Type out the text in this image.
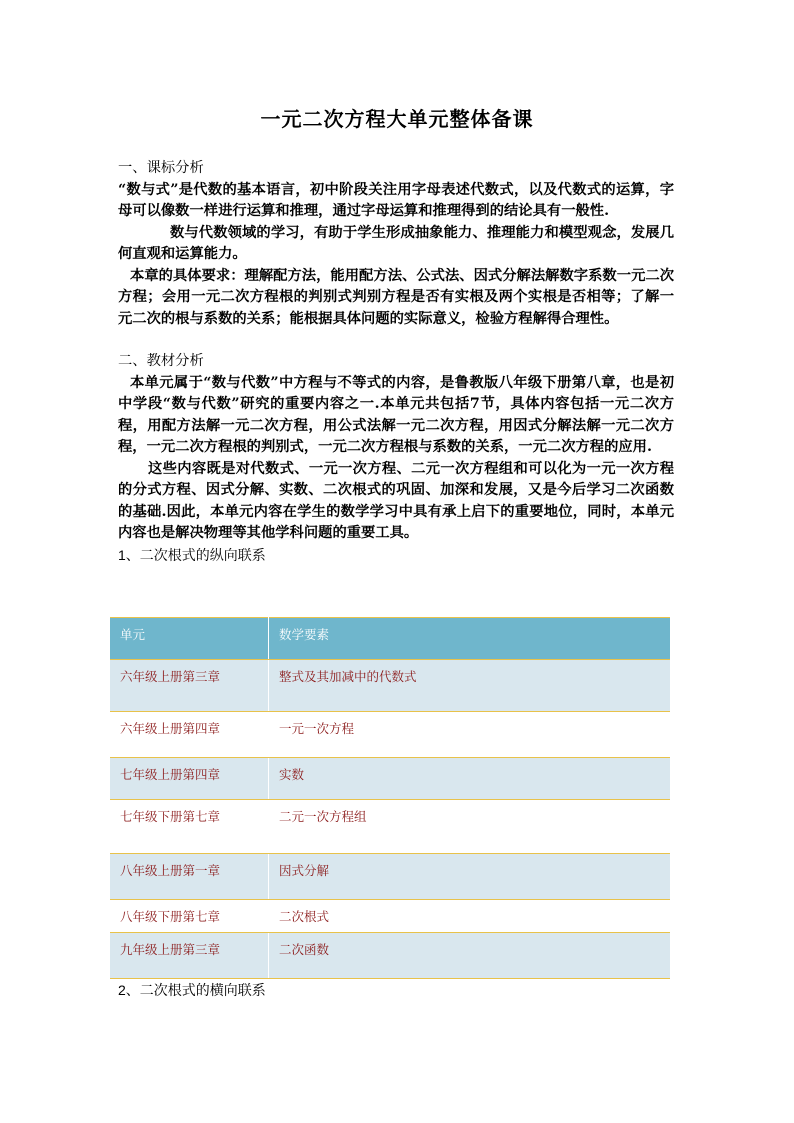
一元二次方程大单元整体备课

一、课标分析

“数与式”是代数的基本语言，初中阶段关注用字母表述代数式，以及代数式的运算，字母可以像数一样进行运算和推理，通过字母运算和推理得到的结论具有一般性.

数与代数领域的学习，有助于学生形成抽象能力、推理能力和模型观念，发展几何直观和运算能力。

本章的具体要求：理解配方法，能用配方法、公式法、因式分解法解数字系数一元二次方程；会用一元二次方程根的判别式判别方程是否有实根及两个实根是否相等；了解一元二次的根与系数的关系；能根据具体问题的实际意义，检验方程解得合理性。

二、教材分析

本单元属于“数与代数”中方程与不等式的内容，是鲁教版八年级下册第八章，也是初中学段“数与代数”研究的重要内容之一.本单元共包括7节，具体内容包括一元二次方程，用配方法解一元二次方程，用公式法解一元二次方程，用因式分解法解一元二次方程，一元二次方程根的判别式，一元二次方程根与系数的关系，一元二次方程的应用.

这些内容既是对代数式、一元一次方程、二元一次方程组和可以化为一元一次方程的分式方程、因式分解、实数、二次根式的巩固、加深和发展，又是今后学习二次函数的基础.因此，本单元内容在学生的数学学习中具有承上启下的重要地位，同时，本单元内容也是解决物理等其他学科问题的重要工具。

1、二次根式的纵向联系

单元	数学要素
六年级上册第三章	整式及其加减中的代数式
六年级上册第四章	一元一次方程
七年级上册第四章	实数
七年级下册第七章	二元一次方程组
八年级上册第一章	因式分解
八年级下册第七章	二次根式
九年级上册第三章	二次函数
2、二次根式的横向联系
